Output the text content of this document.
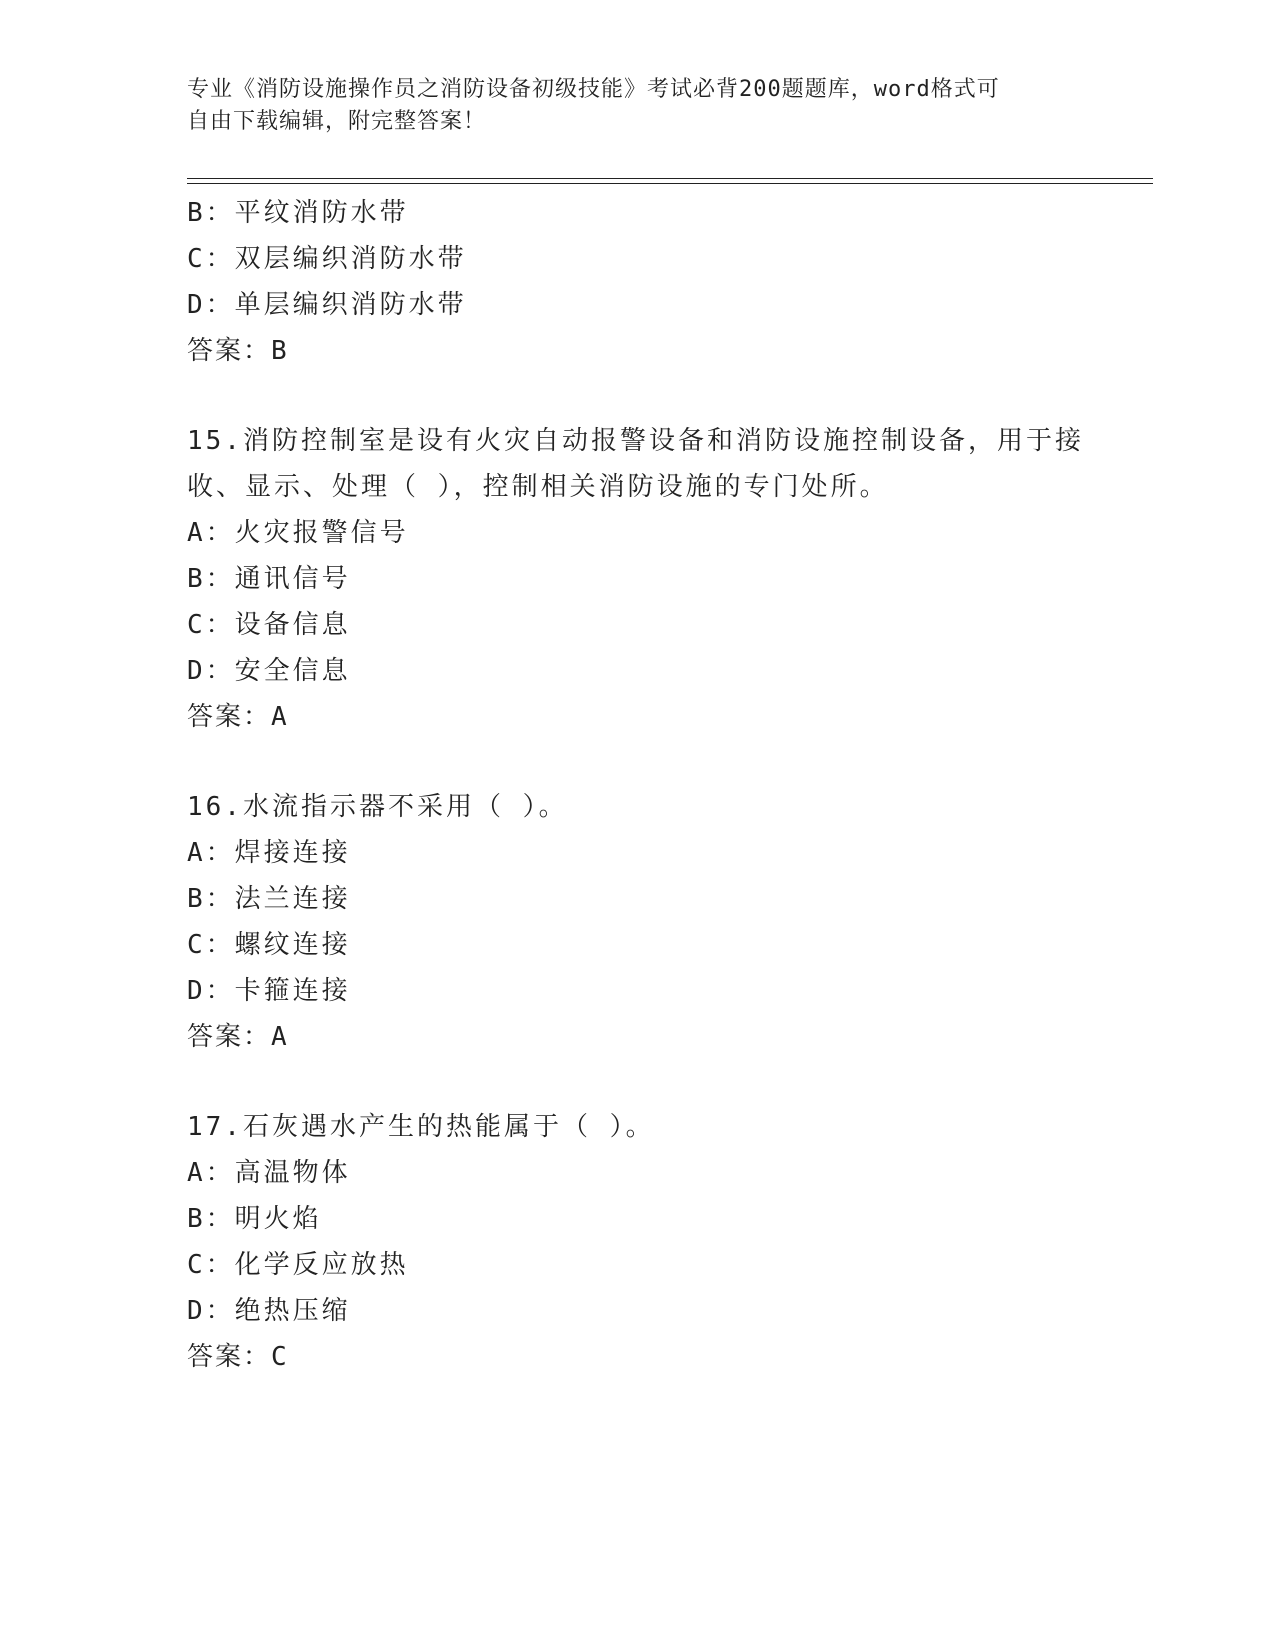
专业《消防设施操作员之消防设备初级技能》考试必背200题题库，word格式可
自由下载编辑，附完整答案！
B：平纹消防水带
C：双层编织消防水带
D：单层编织消防水带
答案：B
15.消防控制室是设有火灾自动报警设备和消防设施控制设备，用于接
收、显示、处理（ ），控制相关消防设施的专门处所。
A：火灾报警信号
B：通讯信号
C：设备信息
D：安全信息
答案：A
16.水流指示器不采用（ ）。
A：焊接连接
B：法兰连接
C：螺纹连接
D：卡箍连接
答案：A
17.石灰遇水产生的热能属于（ ）。
A：高温物体
B：明火焰
C：化学反应放热
D：绝热压缩
答案：C
